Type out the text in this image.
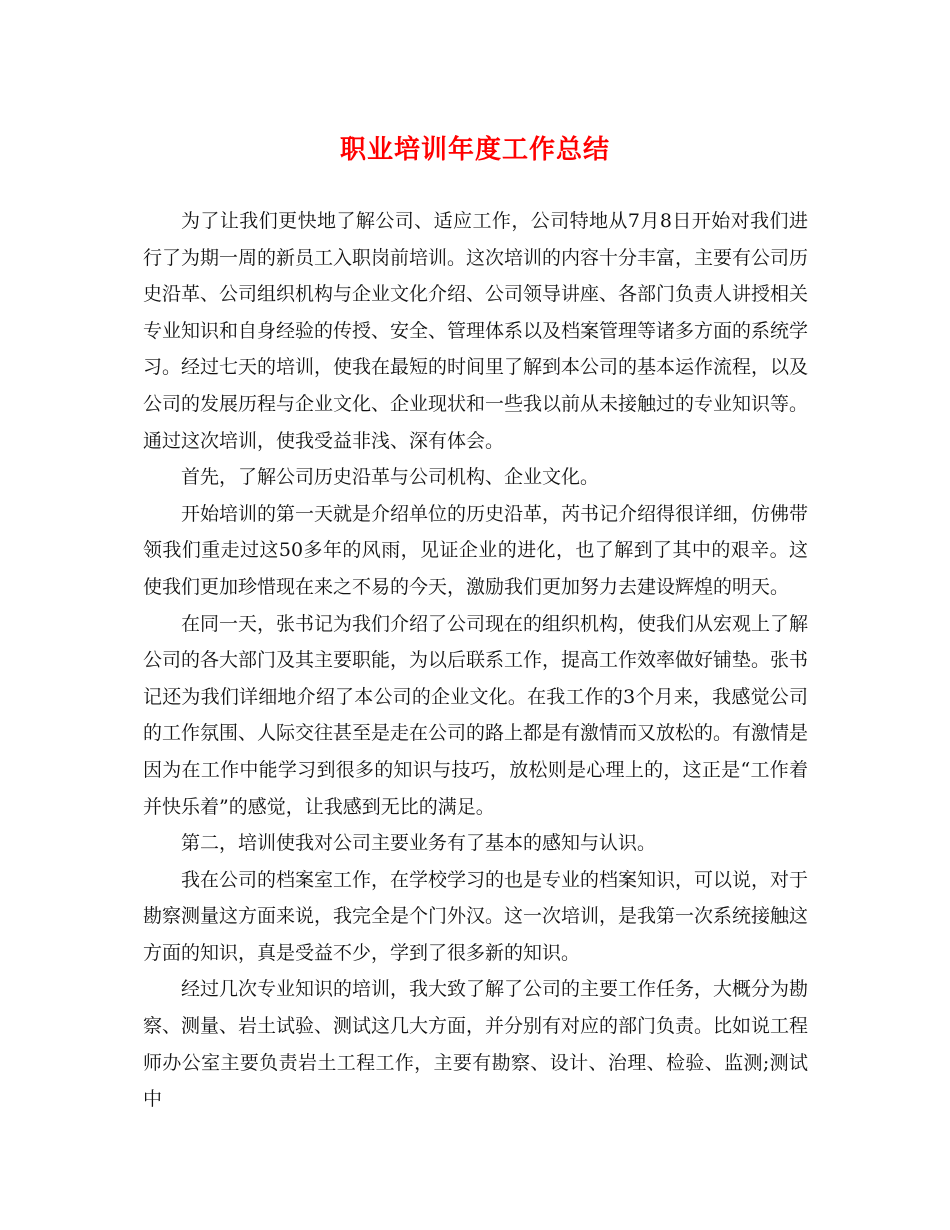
职业培训年度工作总结

为了让我们更快地了解公司、适应工作，公司特地从7月8日开始对我们进行了为期一周的新员工入职岗前培训。这次培训的内容十分丰富，主要有公司历史沿革、公司组织机构与企业文化介绍、公司领导讲座、各部门负责人讲授相关专业知识和自身经验的传授、安全、管理体系以及档案管理等诸多方面的系统学习。经过七天的培训，使我在最短的时间里了解到本公司的基本运作流程，以及公司的发展历程与企业文化、企业现状和一些我以前从未接触过的专业知识等。通过这次培训，使我受益非浅、深有体会。

首先，了解公司历史沿革与公司机构、企业文化。

开始培训的第一天就是介绍单位的历史沿革，芮书记介绍得很详细，仿佛带领我们重走过这50多年的风雨，见证企业的进化，也了解到了其中的艰辛。这使我们更加珍惜现在来之不易的今天，激励我们更加努力去建设辉煌的明天。

在同一天，张书记为我们介绍了公司现在的组织机构，使我们从宏观上了解公司的各大部门及其主要职能，为以后联系工作，提高工作效率做好铺垫。张书记还为我们详细地介绍了本公司的企业文化。在我工作的3个月来，我感觉公司的工作氛围、人际交往甚至是走在公司的路上都是有激情而又放松的。有激情是因为在工作中能学习到很多的知识与技巧，放松则是心理上的，这正是“工作着并快乐着”的感觉，让我感到无比的满足。

第二，培训使我对公司主要业务有了基本的感知与认识。

我在公司的档案室工作，在学校学习的也是专业的档案知识，可以说，对于勘察测量这方面来说，我完全是个门外汉。这一次培训，是我第一次系统接触这方面的知识，真是受益不少，学到了很多新的知识。

经过几次专业知识的培训，我大致了解了公司的主要工作任务，大概分为勘察、测量、岩土试验、测试这几大方面，并分别有对应的部门负责。比如说工程师办公室主要负责岩土工程工作，主要有勘察、设计、治理、检验、监测;测试中
